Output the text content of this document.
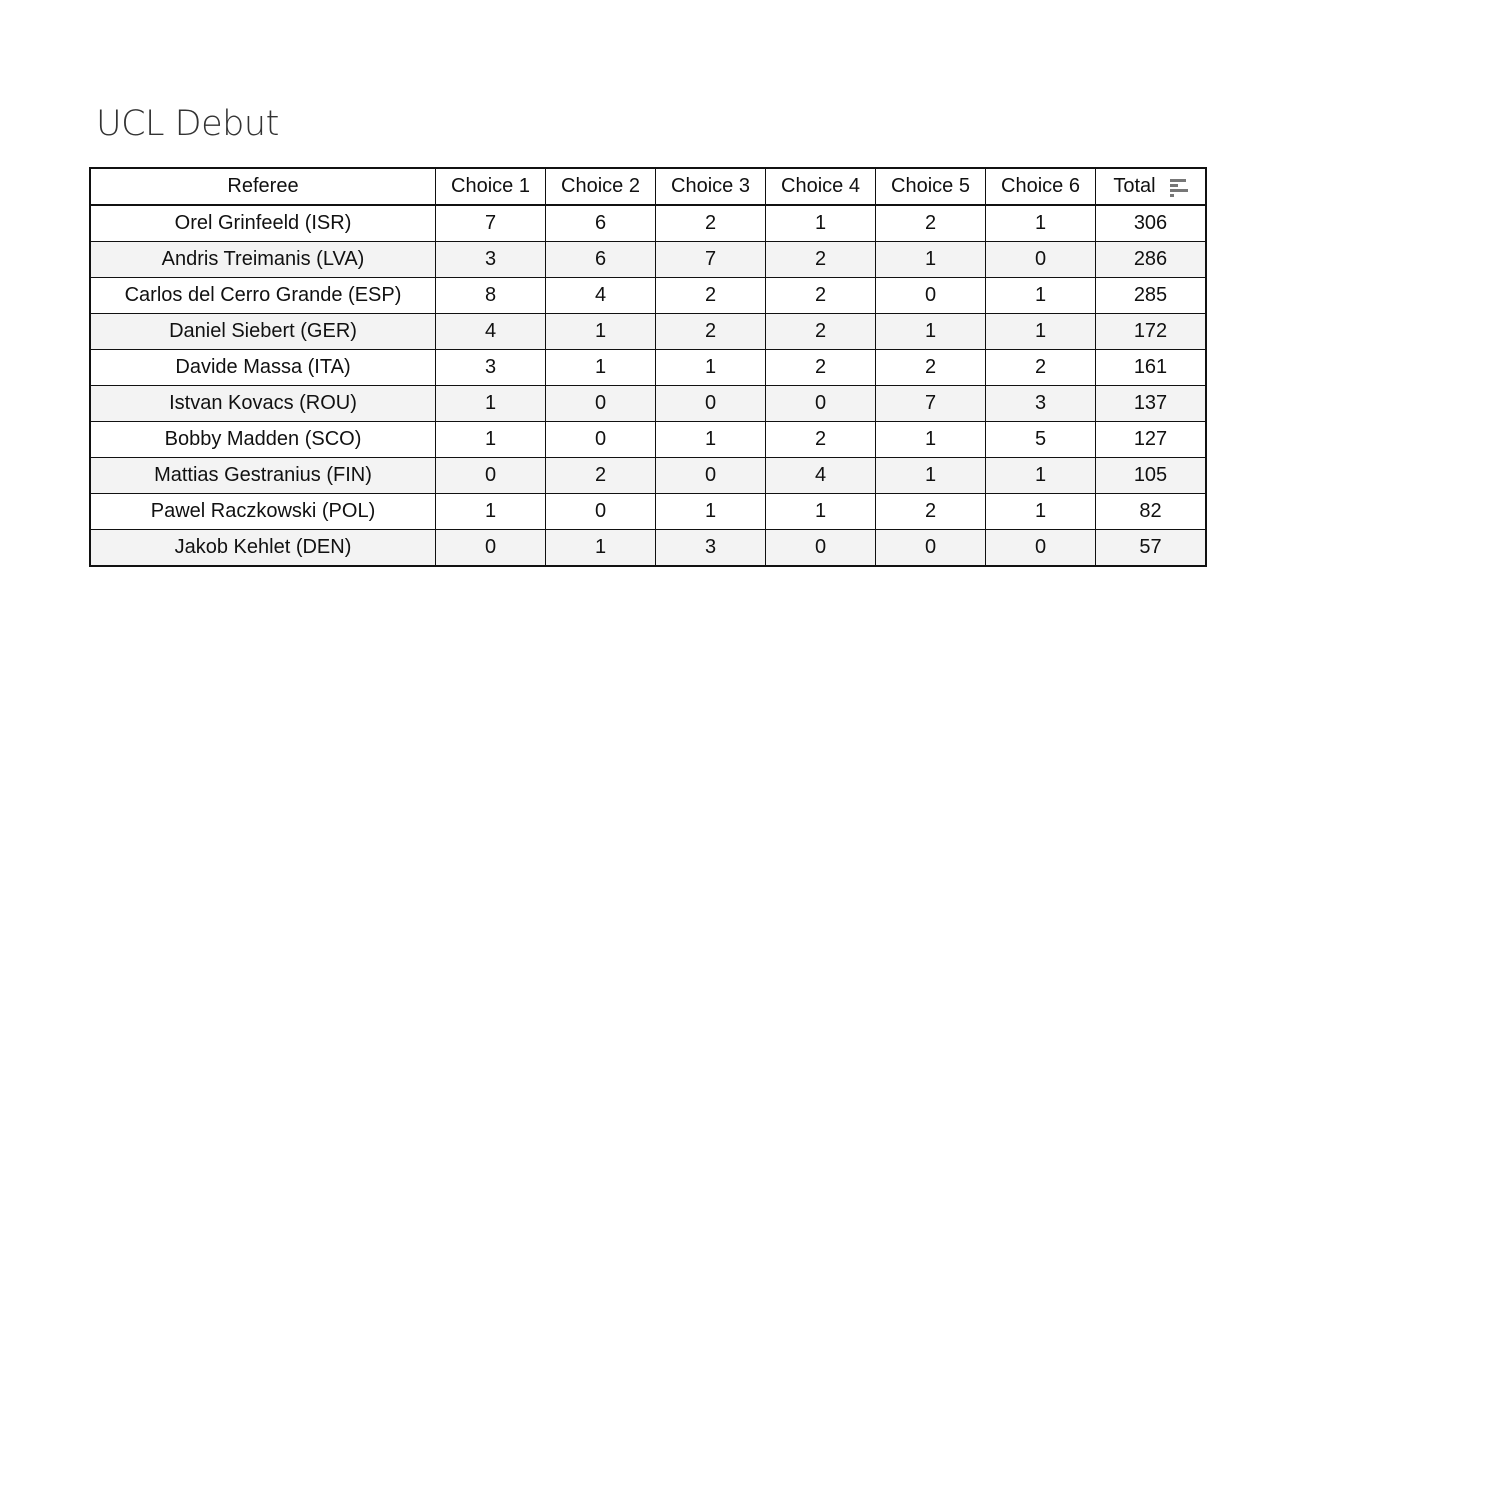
UCL Debut
Referee	Choice 1	Choice 2	Choice 3	Choice 4	Choice 5	Choice 6	Total

Orel Grinfeeld (ISR)	7	6	2	1	2	1	306
Andris Treimanis (LVA)	3	6	7	2	1	0	286
Carlos del Cerro Grande (ESP)	8	4	2	2	0	1	285
Daniel Siebert (GER)	4	1	2	2	1	1	172
Davide Massa (ITA)	3	1	1	2	2	2	161
Istvan Kovacs (ROU)	1	0	0	0	7	3	137
Bobby Madden (SCO)	1	0	1	2	1	5	127
Mattias Gestranius (FIN)	0	2	0	4	1	1	105
Pawel Raczkowski (POL)	1	0	1	1	2	1	82
Jakob Kehlet (DEN)	0	1	3	0	0	0	57
